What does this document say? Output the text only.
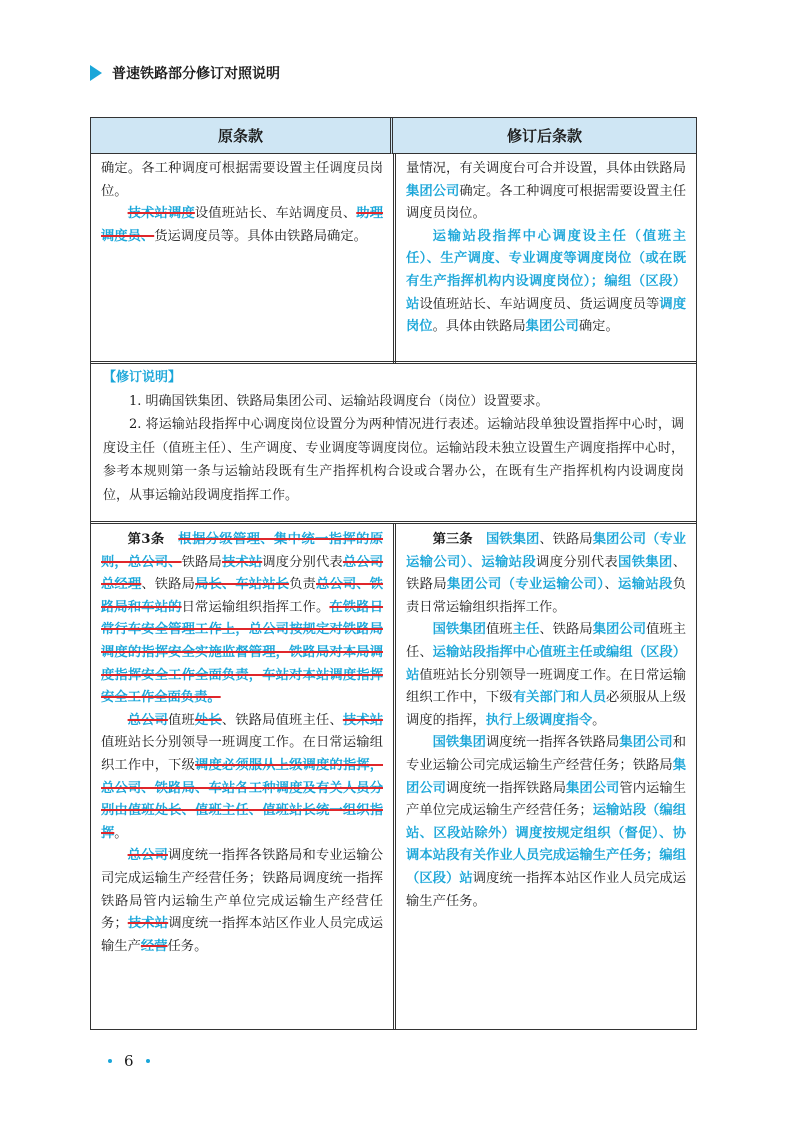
普速铁路部分修订对照说明
原条款	修订后条款

确定。各工种调度可根据需要设置主任调度员岗位。

技术站调度设值班站长、车站调度员、助理调度员、货运调度员等。具体由铁路局确定。

量情况，有关调度台可合并设置，具体由铁路局集团公司确定。各工种调度可根据需要设置主任调度员岗位。

运输站段指挥中心调度设主任（值班主任）、生产调度、专业调度等调度岗位（或在既有生产指挥机构内设调度岗位）；编组（区段）站设值班站长、车站调度员、货运调度员等调度岗位。具体由铁路局集团公司确定。

【修订说明】

1. 明确国铁集团、铁路局集团公司、运输站段调度台（岗位）设置要求。

2. 将运输站段指挥中心调度岗位设置分为两种情况进行表述。运输站段单独设置指挥中心时，调度设主任（值班主任）、生产调度、专业调度等调度岗位。运输站段未独立设置生产调度指挥中心时，参考本规则第一条与运输站段既有生产指挥机构合设或合署办公，在既有生产指挥机构内设调度岗位，从事运输站段调度指挥工作。

第3条　 根据分级管理、集中统一指挥的原则，总公司、铁路局技术站调度分别代表总公司总经理、铁路局局长、车站站长负责总公司、铁路局和车站的日常运输组织指挥工作。在铁路日常行车安全管理工作上，总公司按规定对铁路局调度的指挥安全实施监督管理，铁路局对本局调度指挥安全工作全面负责，车站对本站调度指挥安全工作全面负责。

总公司值班处长、铁路局值班主任、技术站值班站长分别领导一班调度工作。在日常运输组织工作中，下级调度必须服从上级调度的指挥，总公司、铁路局、车站各工种调度及有关人员分别由值班处长、值班主任、值班站长统一组织指挥。

总公司调度统一指挥各铁路局和专业运输公司完成运输生产经营任务；铁路局调度统一指挥铁路局管内运输生产单位完成运输生产经营任务；技术站调度统一指挥本站区作业人员完成运输生产经营任务。

第三条　 国铁集团、铁路局集团公司（专业运输公司）、运输站段调度分别代表国铁集团、铁路局集团公司（专业运输公司）、运输站段负责日常运输组织指挥工作。

国铁集团值班主任、铁路局集团公司值班主任、运输站段指挥中心值班主任或编组（区段）站值班站长分别领导一班调度工作。在日常运输组织工作中，下级有关部门和人员必须服从上级调度的指挥，执行上级调度指令。

国铁集团调度统一指挥各铁路局集团公司和专业运输公司完成运输生产经营任务；铁路局集团公司调度统一指挥铁路局集团公司管内运输生产单位完成运输生产经营任务；运输站段（编组站、区段站除外）调度按规定组织（督促）、协调本站段有关作业人员完成运输生产任务；编组（区段）站调度统一指挥本站区作业人员完成运输生产任务。

6
